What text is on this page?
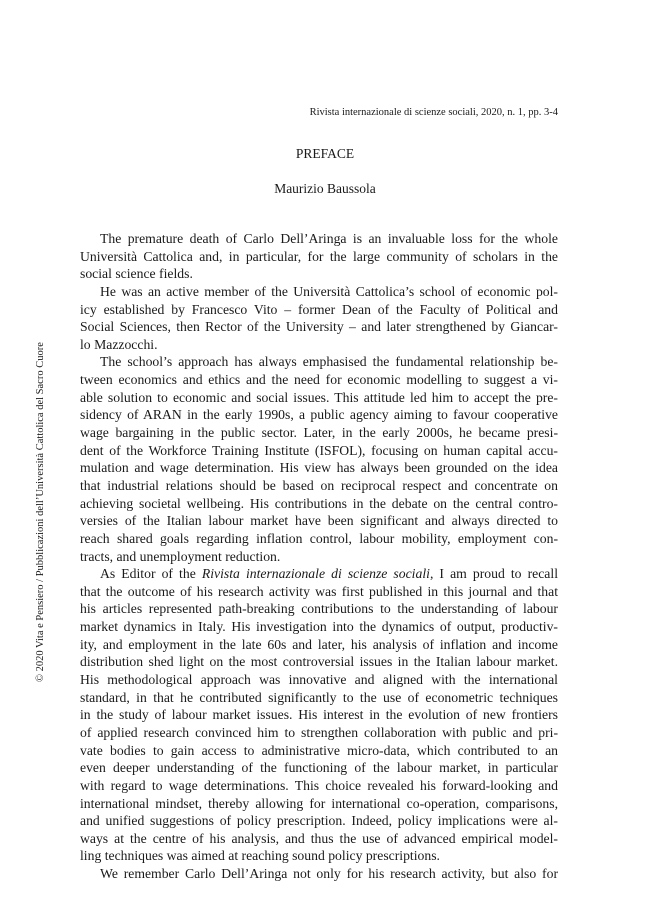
Rivista internazionale di scienze sociali, 2020, n. 1, pp. 3-4
PREFACE
Maurizio Baussola
© 2020 Vita e Pensiero / Pubblicazioni dell’Università Cattolica del Sacro Cuore
The premature death of Carlo Dell’Aringa is an invaluable loss for the whole
Università Cattolica and, in particular, for the large community of scholars in the
social science fields.
He was an active member of the Università Cattolica’s school of economic pol-
icy established by Francesco Vito – former Dean of the Faculty of Political and
Social Sciences, then Rector of the University – and later strengthened by Giancar-
lo Mazzocchi.
The school’s approach has always emphasised the fundamental relationship be-
tween economics and ethics and the need for economic modelling to suggest a vi-
able solution to economic and social issues. This attitude led him to accept the pre-
sidency of ARAN in the early 1990s, a public agency aiming to favour cooperative
wage bargaining in the public sector. Later, in the early 2000s, he became presi-
dent of the Workforce Training Institute (ISFOL), focusing on human capital accu-
mulation and wage determination. His view has always been grounded on the idea
that industrial relations should be based on reciprocal respect and concentrate on
achieving societal wellbeing. His contributions in the debate on the central contro-
versies of the Italian labour market have been significant and always directed to
reach shared goals regarding inflation control, labour mobility, employment con-
tracts, and unemployment reduction.
As Editor of the Rivista internazionale di scienze sociali, I am proud to recall
that the outcome of his research activity was first published in this journal and that
his articles represented path-breaking contributions to the understanding of labour
market dynamics in Italy. His investigation into the dynamics of output, productiv-
ity, and employment in the late 60s and later, his analysis of inflation and income
distribution shed light on the most controversial issues in the Italian labour market.
His methodological approach was innovative and aligned with the international
standard, in that he contributed significantly to the use of econometric techniques
in the study of labour market issues. His interest in the evolution of new frontiers
of applied research convinced him to strengthen collaboration with public and pri-
vate bodies to gain access to administrative micro-data, which contributed to an
even deeper understanding of the functioning of the labour market, in particular
with regard to wage determinations. This choice revealed his forward-looking and
international mindset, thereby allowing for international co-operation, comparisons,
and unified suggestions of policy prescription. Indeed, policy implications were al-
ways at the centre of his analysis, and thus the use of advanced empirical model-
ling techniques was aimed at reaching sound policy prescriptions.
We remember Carlo Dell’Aringa not only for his research activity, but also for
